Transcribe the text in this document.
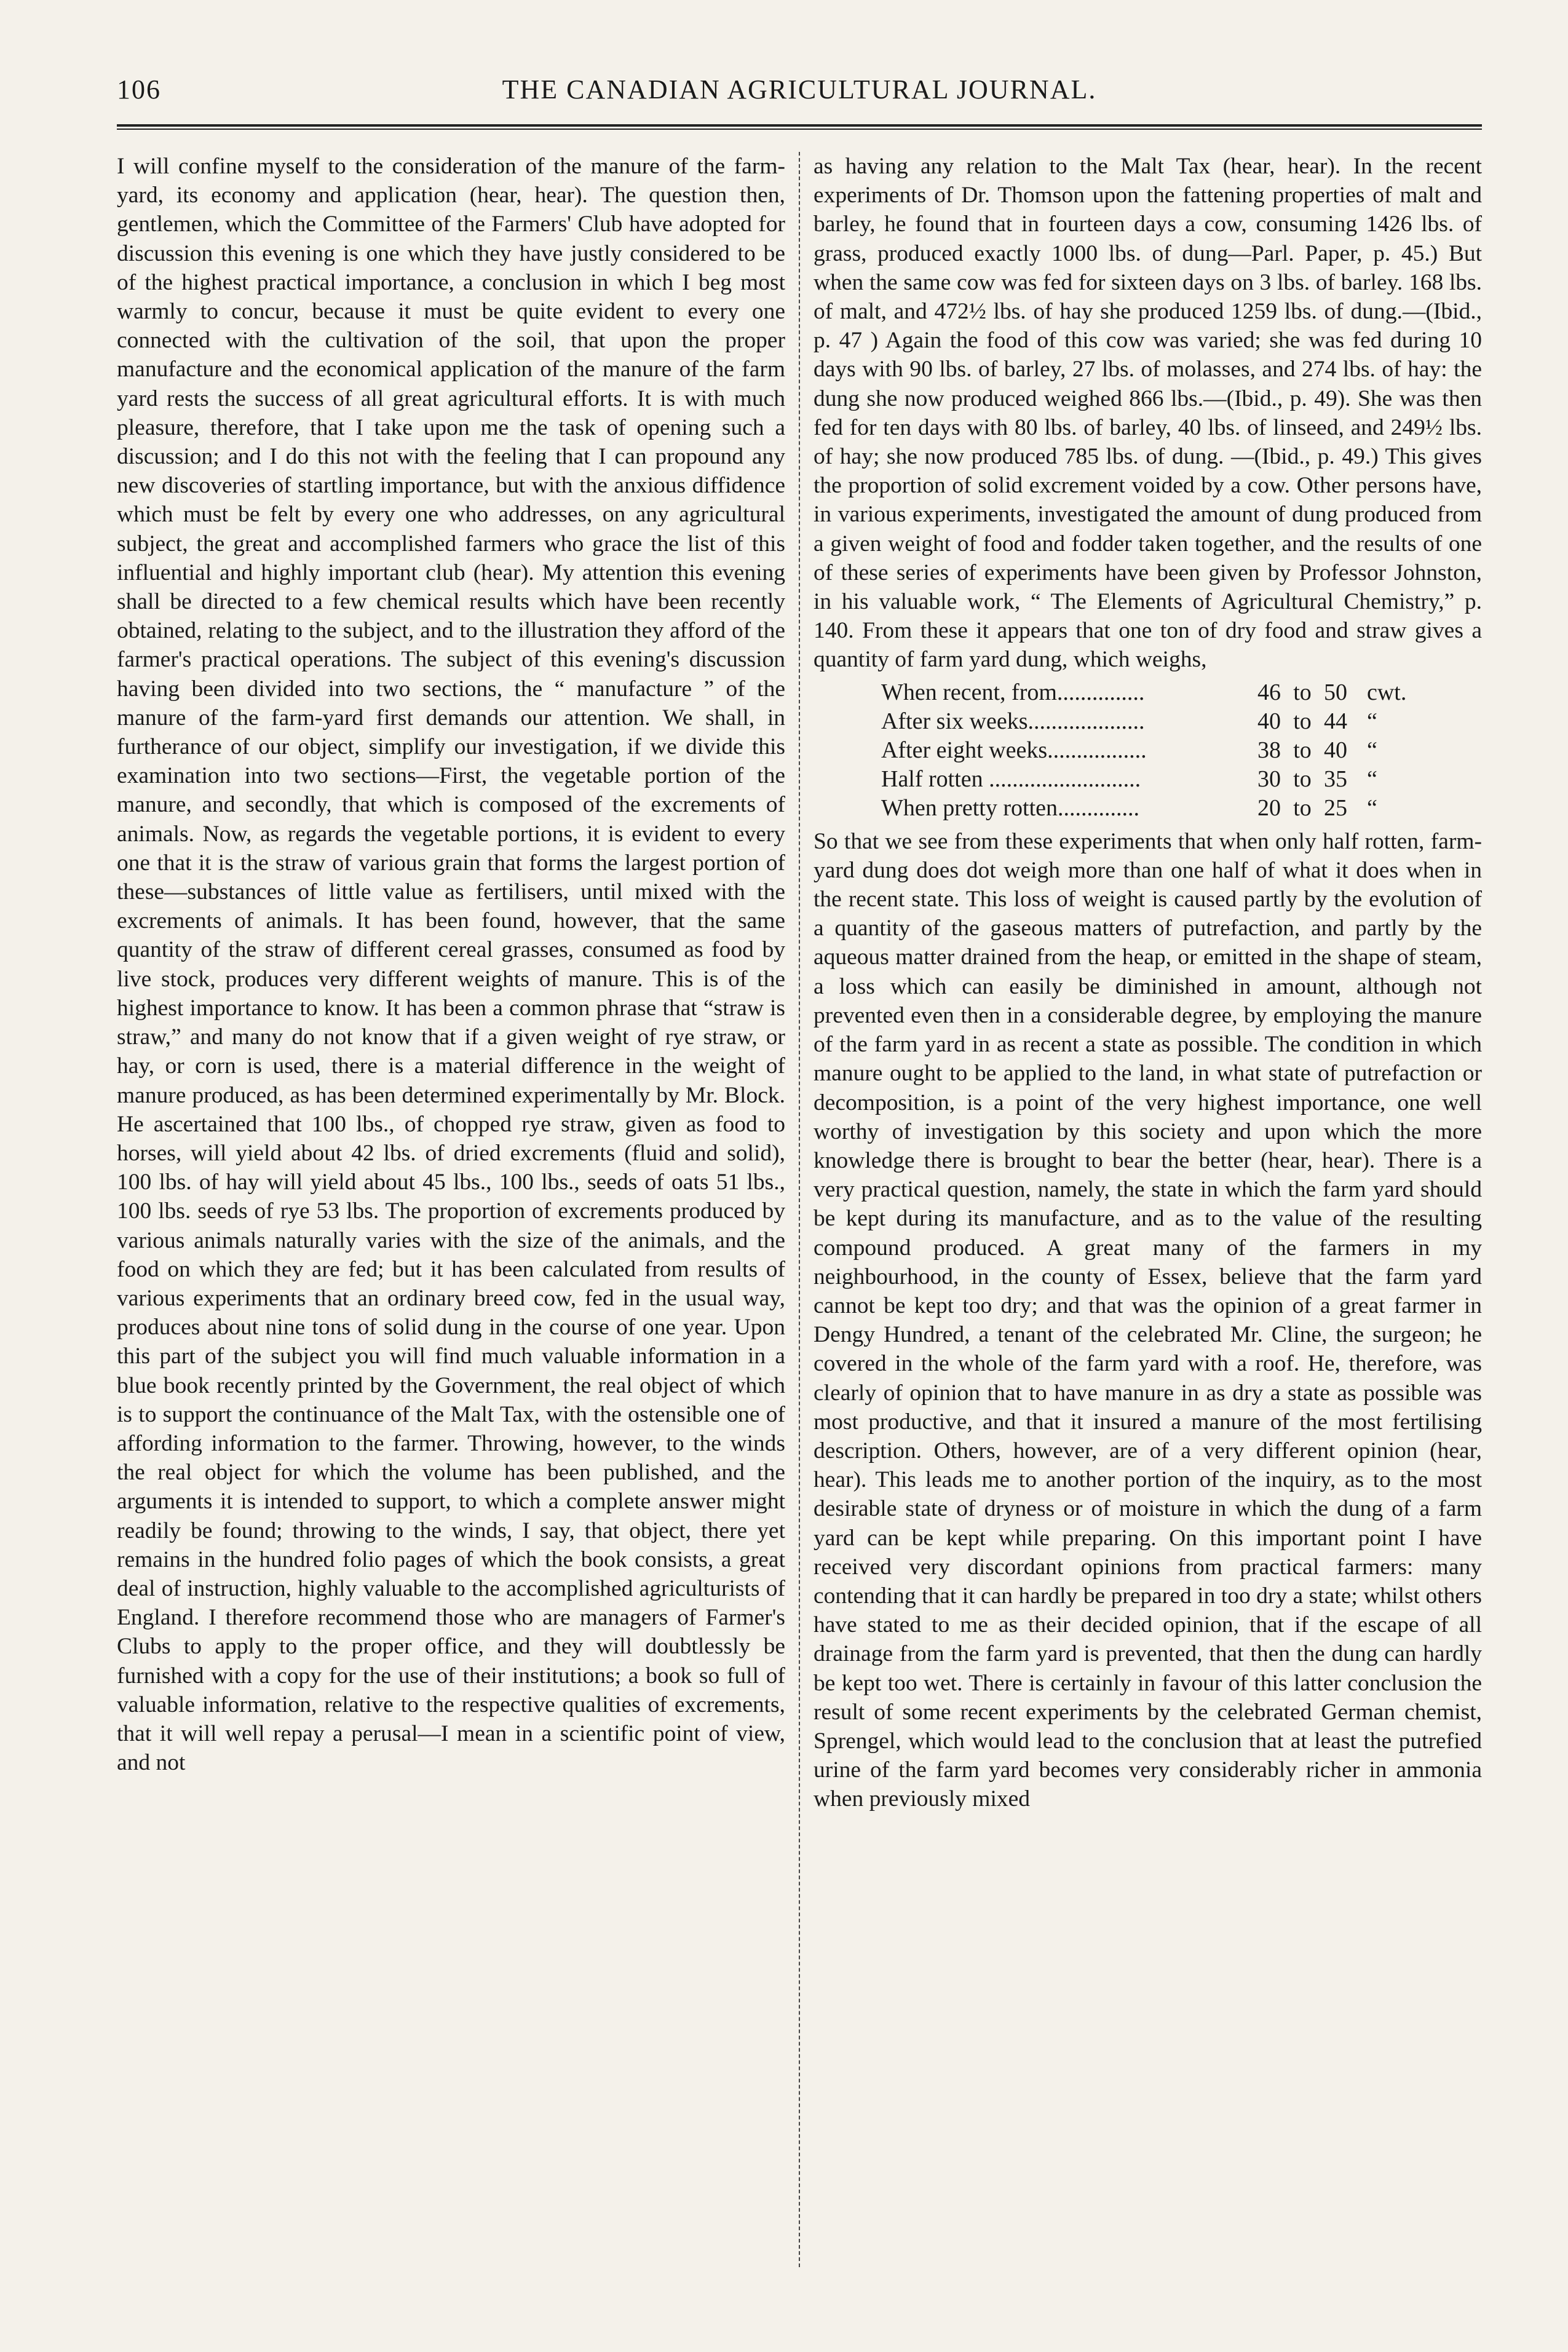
106	THE CANADIAN AGRICULTURAL JOURNAL.

I will confine myself to the consideration of the manure of the farm-yard, its economy and application (hear, hear). The question then, gentlemen, which the Committee of the Farmers' Club have adopted for discussion this evening is one which they have justly considered to be of the highest practical importance, a conclusion in which I beg most warmly to concur, because it must be quite evident to every one connected with the cultivation of the soil, that upon the proper manufacture and the economical application of the manure of the farm yard rests the success of all great agricultural efforts. It is with much pleasure, therefore, that I take upon me the task of opening such a discussion; and I do this not with the feeling that I can propound any new discoveries of startling importance, but with the anxious diffidence which must be felt by every one who addresses, on any agricultural subject, the great and accomplished farmers who grace the list of this influential and highly important club (hear). My attention this evening shall be directed to a few chemical results which have been recently obtained, relating to the subject, and to the illustration they afford of the farmer's practical operations. The subject of this evening's discussion having been divided into two sections, the “ manufacture ” of the manure of the farm-yard first demands our attention. We shall, in furtherance of our object, simplify our investigation, if we divide this examination into two sections—First, the vegetable portion of the manure, and secondly, that which is composed of the excrements of animals. Now, as regards the vegetable portions, it is evident to every one that it is the straw of various grain that forms the largest portion of these—substances of little value as fertilisers, until mixed with the excrements of animals. It has been found, however, that the same quantity of the straw of different cereal grasses, consumed as food by live stock, produces very different weights of manure. This is of the highest importance to know. It has been a common phrase that “straw is straw,” and many do not know that if a given weight of rye straw, or hay, or corn is used, there is a material difference in the weight of manure produced, as has been determined experimentally by Mr. Block. He ascertained that 100 lbs., of chopped rye straw, given as food to horses, will yield about 42 lbs. of dried excrements (fluid and solid), 100 lbs. of hay will yield about 45 lbs., 100 lbs., seeds of oats 51 lbs., 100 lbs. seeds of rye 53 lbs. The proportion of excrements produced by various animals naturally varies with the size of the animals, and the food on which they are fed; but it has been calculated from results of various experiments that an ordinary breed cow, fed in the usual way, produces about nine tons of solid dung in the course of one year. Upon this part of the subject you will find much valuable information in a blue book recently printed by the Government, the real object of which is to support the continuance of the Malt Tax, with the ostensible one of affording information to the farmer. Throwing, however, to the winds the real object for which the volume has been published, and the arguments it is intended to support, to which a complete answer might readily be found; throwing to the winds, I say, that object, there yet remains in the hundred folio pages of which the book consists, a great deal of instruction, highly valuable to the accomplished agriculturists of England. I therefore recommend those who are managers of Farmer's Clubs to apply to the proper office, and they will doubtlessly be furnished with a copy for the use of their institutions; a book so full of valuable information, relative to the respective qualities of excrements, that it will well repay a perusal—I mean in a scientific point of view, and not

as having any relation to the Malt Tax (hear, hear). In the recent experiments of Dr. Thomson upon the fattening properties of malt and barley, he found that in fourteen days a cow, consuming 1426 lbs. of grass, produced exactly 1000 lbs. of dung—Parl. Paper, p. 45.) But when the same cow was fed for sixteen days on 3 lbs. of barley. 168 lbs. of malt, and 472½ lbs. of hay she produced 1259 lbs. of dung.—(Ibid., p. 47 ) Again the food of this cow was varied; she was fed during 10 days with 90 lbs. of barley, 27 lbs. of molasses, and 274 lbs. of hay: the dung she now produced weighed 866 lbs.—(Ibid., p. 49). She was then fed for ten days with 80 lbs. of barley, 40 lbs. of linseed, and 249½ lbs. of hay; she now produced 785 lbs. of dung. —(Ibid., p. 49.) This gives the proportion of solid excrement voided by a cow. Other persons have, in various experiments, investigated the amount of dung produced from a given weight of food and fodder taken together, and the results of one of these series of experiments have been given by Professor Johnston, in his valuable work, “ The Elements of Agricultural Chemistry,” p. 140. From these it appears that one ton of dry food and straw gives a quantity of farm yard dung, which weighs,

When recent, from...............	46 to 50 cwt.
After six weeks....................	40 to 44 “
After eight weeks.................	38 to 40 “
Half rotten ..........................	30 to 35 “
When pretty rotten..............	20 to 25 “

So that we see from these experiments that when only half rotten, farm-yard dung does dot weigh more than one half of what it does when in the recent state. This loss of weight is caused partly by the evolution of a quantity of the gaseous matters of putrefaction, and partly by the aqueous matter drained from the heap, or emitted in the shape of steam, a loss which can easily be diminished in amount, although not prevented even then in a considerable degree, by employing the manure of the farm yard in as recent a state as possible. The condition in which manure ought to be applied to the land, in what state of putrefaction or decomposition, is a point of the very highest importance, one well worthy of investigation by this society and upon which the more knowledge there is brought to bear the better (hear, hear). There is a very practical question, namely, the state in which the farm yard should be kept during its manufacture, and as to the value of the resulting compound produced. A great many of the farmers in my neighbourhood, in the county of Essex, believe that the farm yard cannot be kept too dry; and that was the opinion of a great farmer in Dengy Hundred, a tenant of the celebrated Mr. Cline, the surgeon; he covered in the whole of the farm yard with a roof. He, therefore, was clearly of opinion that to have manure in as dry a state as possible was most productive, and that it insured a manure of the most fertilising description. Others, however, are of a very different opinion (hear, hear). This leads me to another portion of the inquiry, as to the most desirable state of dryness or of moisture in which the dung of a farm yard can be kept while preparing. On this important point I have received very discordant opinions from practical farmers: many contending that it can hardly be prepared in too dry a state; whilst others have stated to me as their decided opinion, that if the escape of all drainage from the farm yard is prevented, that then the dung can hardly be kept too wet. There is certainly in favour of this latter conclusion the result of some recent experiments by the celebrated German chemist, Sprengel, which would lead to the conclusion that at least the putrefied urine of the farm yard becomes very considerably richer in ammonia when previously mixed
